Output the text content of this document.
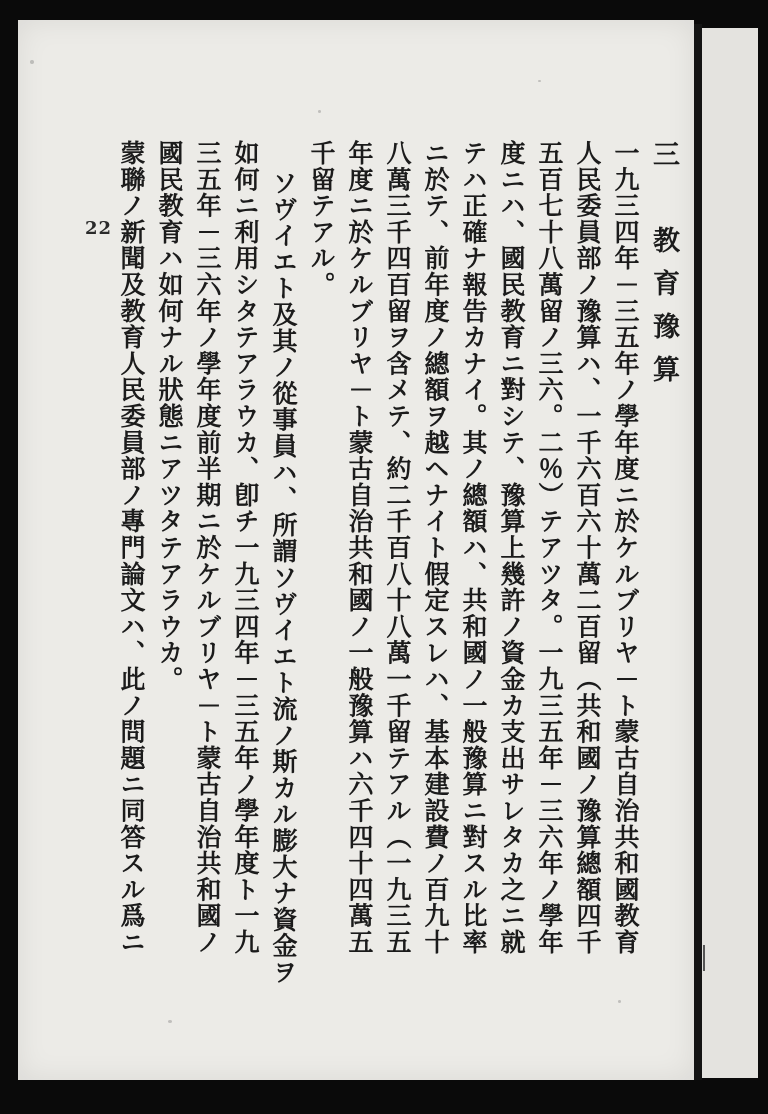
22	三　教育豫算
一九三四年－三五年ノ學年度ニ於ケルブリヤ－ト蒙古自治共和國教育
人民委員部ノ豫算ハ、一千六百六十萬二百留（共和國ノ豫算總額四千
五百七十八萬留ノ三六。二％）テアツタ。一九三五年－三六年ノ學年
度ニハ、國民教育ニ對シテ、豫算上幾許ノ資金カ支出サレタカ之ニ就
テハ正確ナ報告カナイ。其ノ總額ハ、共和國ノ一般豫算ニ對スル比率
ニ於テ、前年度ノ總額ヲ越ヘナイト假定スレハ、基本建設費ノ百九十
八萬三千四百留ヲ含メテ、約二千百八十八萬一千留テアル（一九三五
年度ニ於ケルブリヤ－ト蒙古自治共和國ノ一般豫算ハ六千四十四萬五
千留テアル。
ソヴイエト及其ノ從事員ハ、所謂ソヴイエト流ノ斯カル膨大ナ資金ヲ
如何ニ利用シタテアラウカ、卽チ一九三四年－三五年ノ學年度ト一九
三五年－三六年ノ學年度前半期ニ於ケルブリヤ－ト蒙古自治共和國ノ
國民教育ハ如何ナル狀態ニアツタテアラウカ。
蒙聯ノ新聞及教育人民委員部ノ專門論文ハ、此ノ問題ニ同答スル爲ニ
